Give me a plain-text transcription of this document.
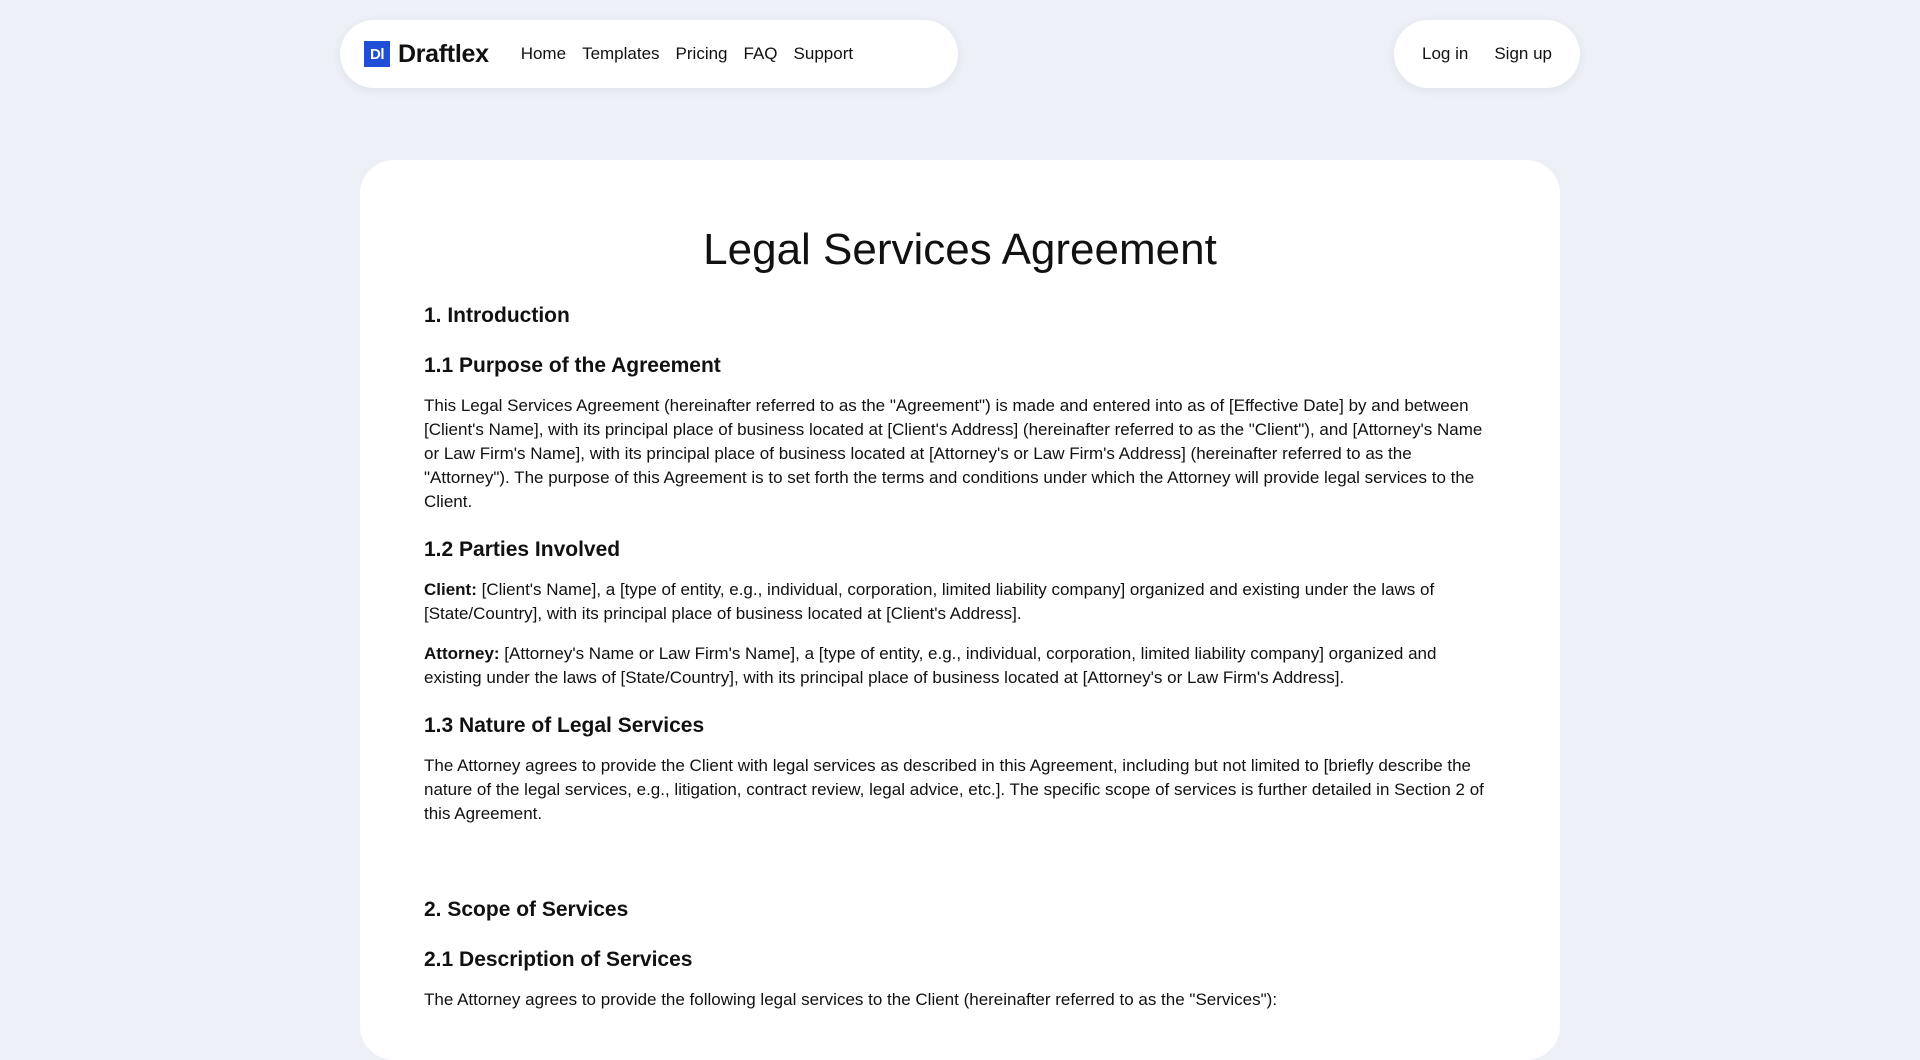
Dl Draftlex Home Templates Pricing FAQ Support	Log in Sign up
Legal Services Agreement
1. Introduction
1.1 Purpose of the Agreement

This Legal Services Agreement (hereinafter referred to as the "Agreement") is made and entered into as of [Effective Date] by and between [Client's Name], with its principal place of business located at [Client's Address] (hereinafter referred to as the "Client"), and [Attorney's Name or Law Firm's Name], with its principal place of business located at [Attorney's or Law Firm's Address] (hereinafter referred to as the "Attorney"). The purpose of this Agreement is to set forth the terms and conditions under which the Attorney will provide legal services to the Client.

1.2 Parties Involved

Client: [Client's Name], a [type of entity, e.g., individual, corporation, limited liability company] organized and existing under the laws of [State/Country], with its principal place of business located at [Client's Address].

Attorney: [Attorney's Name or Law Firm's Name], a [type of entity, e.g., individual, corporation, limited liability company] organized and existing under the laws of [State/Country], with its principal place of business located at [Attorney's or Law Firm's Address].

1.3 Nature of Legal Services

The Attorney agrees to provide the Client with legal services as described in this Agreement, including but not limited to [briefly describe the nature of the legal services, e.g., litigation, contract review, legal advice, etc.]. The specific scope of services is further detailed in Section 2 of this Agreement.

2. Scope of Services
2.1 Description of Services

The Attorney agrees to provide the following legal services to the Client (hereinafter referred to as the "Services"):
